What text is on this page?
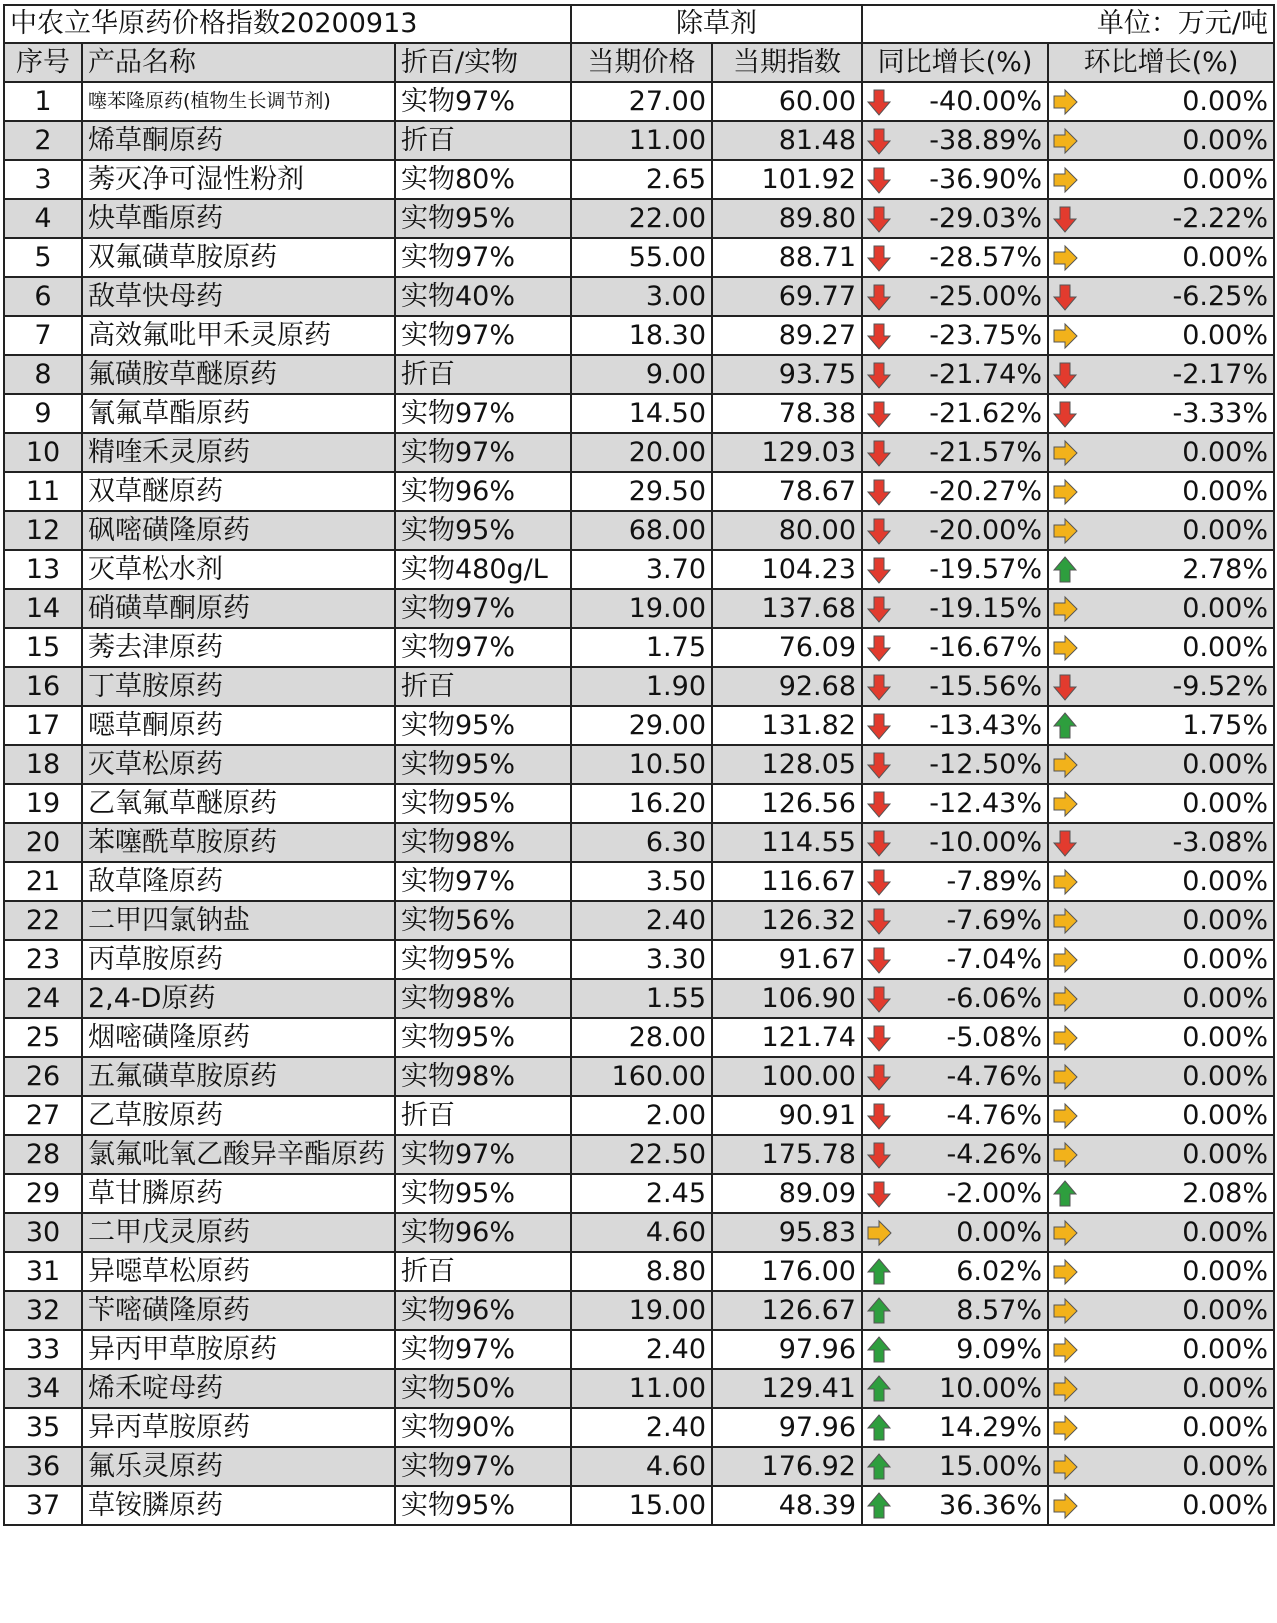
中农立华原药价格指数20200913			除草剂		单位：万元/吨	
序号	产品名称	折百/实物	当期价格	当期指数	同比增长(%)	环比增长(%)
1	噻苯隆原药(植物生长调节剂)	实物97%	27.00	60.00	-40.00%	0.00%

2	烯草酮原药	折百	11.00	81.48	-38.89%	0.00%

3	莠灭净可湿性粉剂	实物80%	2.65	101.92	-36.90%	0.00%

4	炔草酯原药	实物95%	22.00	89.80	-29.03%	-2.22%

5	双氟磺草胺原药	实物97%	55.00	88.71	-28.57%	0.00%

6	敌草快母药	实物40%	3.00	69.77	-25.00%	-6.25%

7	高效氟吡甲禾灵原药	实物97%	18.30	89.27	-23.75%	0.00%

8	氟磺胺草醚原药	折百	9.00	93.75	-21.74%	-2.17%

9	氰氟草酯原药	实物97%	14.50	78.38	-21.62%	-3.33%

10	精喹禾灵原药	实物97%	20.00	129.03	-21.57%	0.00%

11	双草醚原药	实物96%	29.50	78.67	-20.27%	0.00%

12	砜嘧磺隆原药	实物95%	68.00	80.00	-20.00%	0.00%

13	灭草松水剂	实物480g/L	3.70	104.23	-19.57%	2.78%

14	硝磺草酮原药	实物97%	19.00	137.68	-19.15%	0.00%

15	莠去津原药	实物97%	1.75	76.09	-16.67%	0.00%

16	丁草胺原药	折百	1.90	92.68	-15.56%	-9.52%

17	噁草酮原药	实物95%	29.00	131.82	-13.43%	1.75%

18	灭草松原药	实物95%	10.50	128.05	-12.50%	0.00%

19	乙氧氟草醚原药	实物95%	16.20	126.56	-12.43%	0.00%

20	苯噻酰草胺原药	实物98%	6.30	114.55	-10.00%	-3.08%

21	敌草隆原药	实物97%	3.50	116.67	-7.89%	0.00%

22	二甲四氯钠盐	实物56%	2.40	126.32	-7.69%	0.00%

23	丙草胺原药	实物95%	3.30	91.67	-7.04%	0.00%

24	2,4-D原药	实物98%	1.55	106.90	-6.06%	0.00%

25	烟嘧磺隆原药	实物95%	28.00	121.74	-5.08%	0.00%

26	五氟磺草胺原药	实物98%	160.00	100.00	-4.76%	0.00%

27	乙草胺原药	折百	2.00	90.91	-4.76%	0.00%

28	氯氟吡氧乙酸异辛酯原药	实物97%	22.50	175.78	-4.26%	0.00%

29	草甘膦原药	实物95%	2.45	89.09	-2.00%	2.08%

30	二甲戊灵原药	实物96%	4.60	95.83	0.00%	0.00%

31	异噁草松原药	折百	8.80	176.00	6.02%	0.00%

32	苄嘧磺隆原药	实物96%	19.00	126.67	8.57%	0.00%

33	异丙甲草胺原药	实物97%	2.40	97.96	9.09%	0.00%

34	烯禾啶母药	实物50%	11.00	129.41	10.00%	0.00%

35	异丙草胺原药	实物90%	2.40	97.96	14.29%	0.00%

36	氟乐灵原药	实物97%	4.60	176.92	15.00%	0.00%

37	草铵膦原药	实物95%	15.00	48.39	36.36%	0.00%
